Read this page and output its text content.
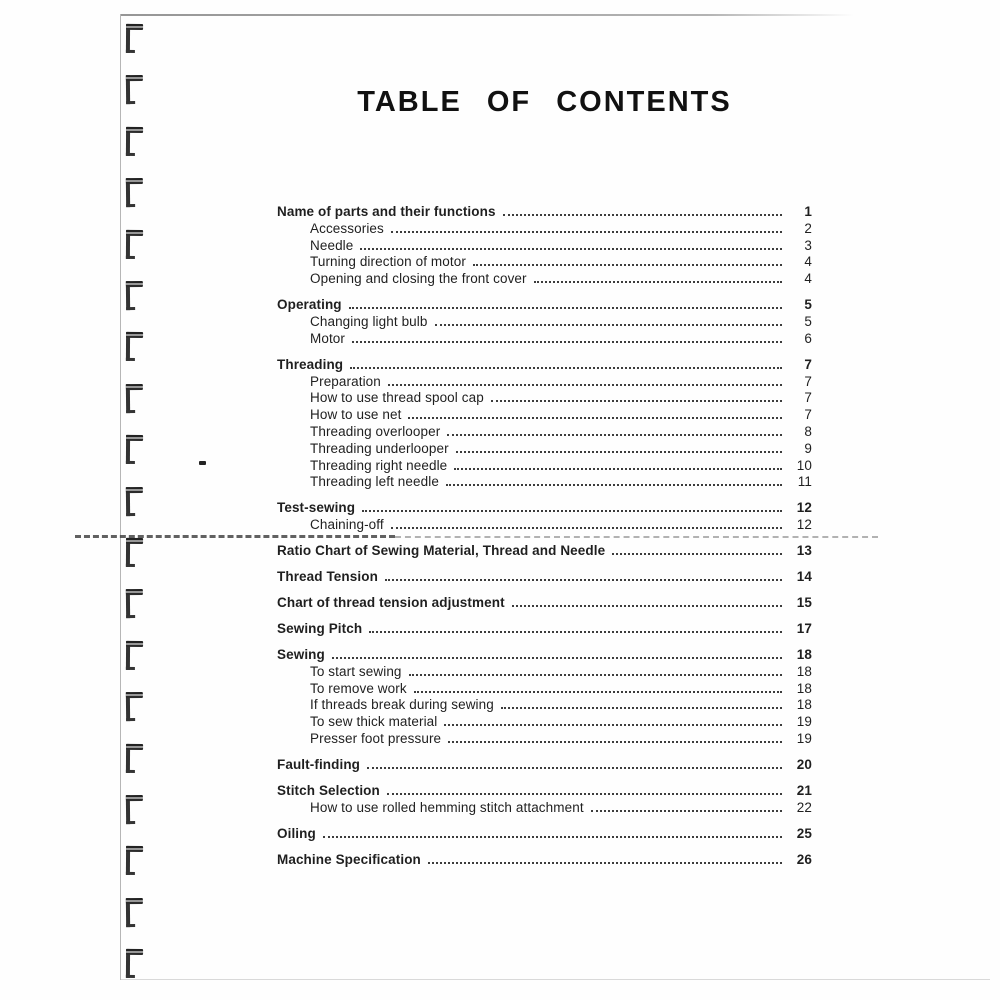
TABLE OF CONTENTS
Name of parts and their functions	1
Accessories	2
Needle	3
Turning direction of motor	4
Opening and closing the front cover	4
Operating	5
Changing light bulb	5
Motor	6
Threading	7
Preparation	7
How to use thread spool cap	7
How to use net	7
Threading overlooper	8
Threading underlooper	9
Threading right needle	10
Threading left needle	11
Test-sewing	12
Chaining-off	12
Ratio Chart of Sewing Material, Thread and Needle	13
Thread Tension	14
Chart of thread tension adjustment	15
Sewing Pitch	17
Sewing	18
To start sewing	18
To remove work	18
If threads break during sewing	18
To sew thick material	19
Presser foot pressure	19
Fault-finding	20
Stitch Selection	21
How to use rolled hemming stitch attachment	22
Oiling	25
Machine Specification	26
